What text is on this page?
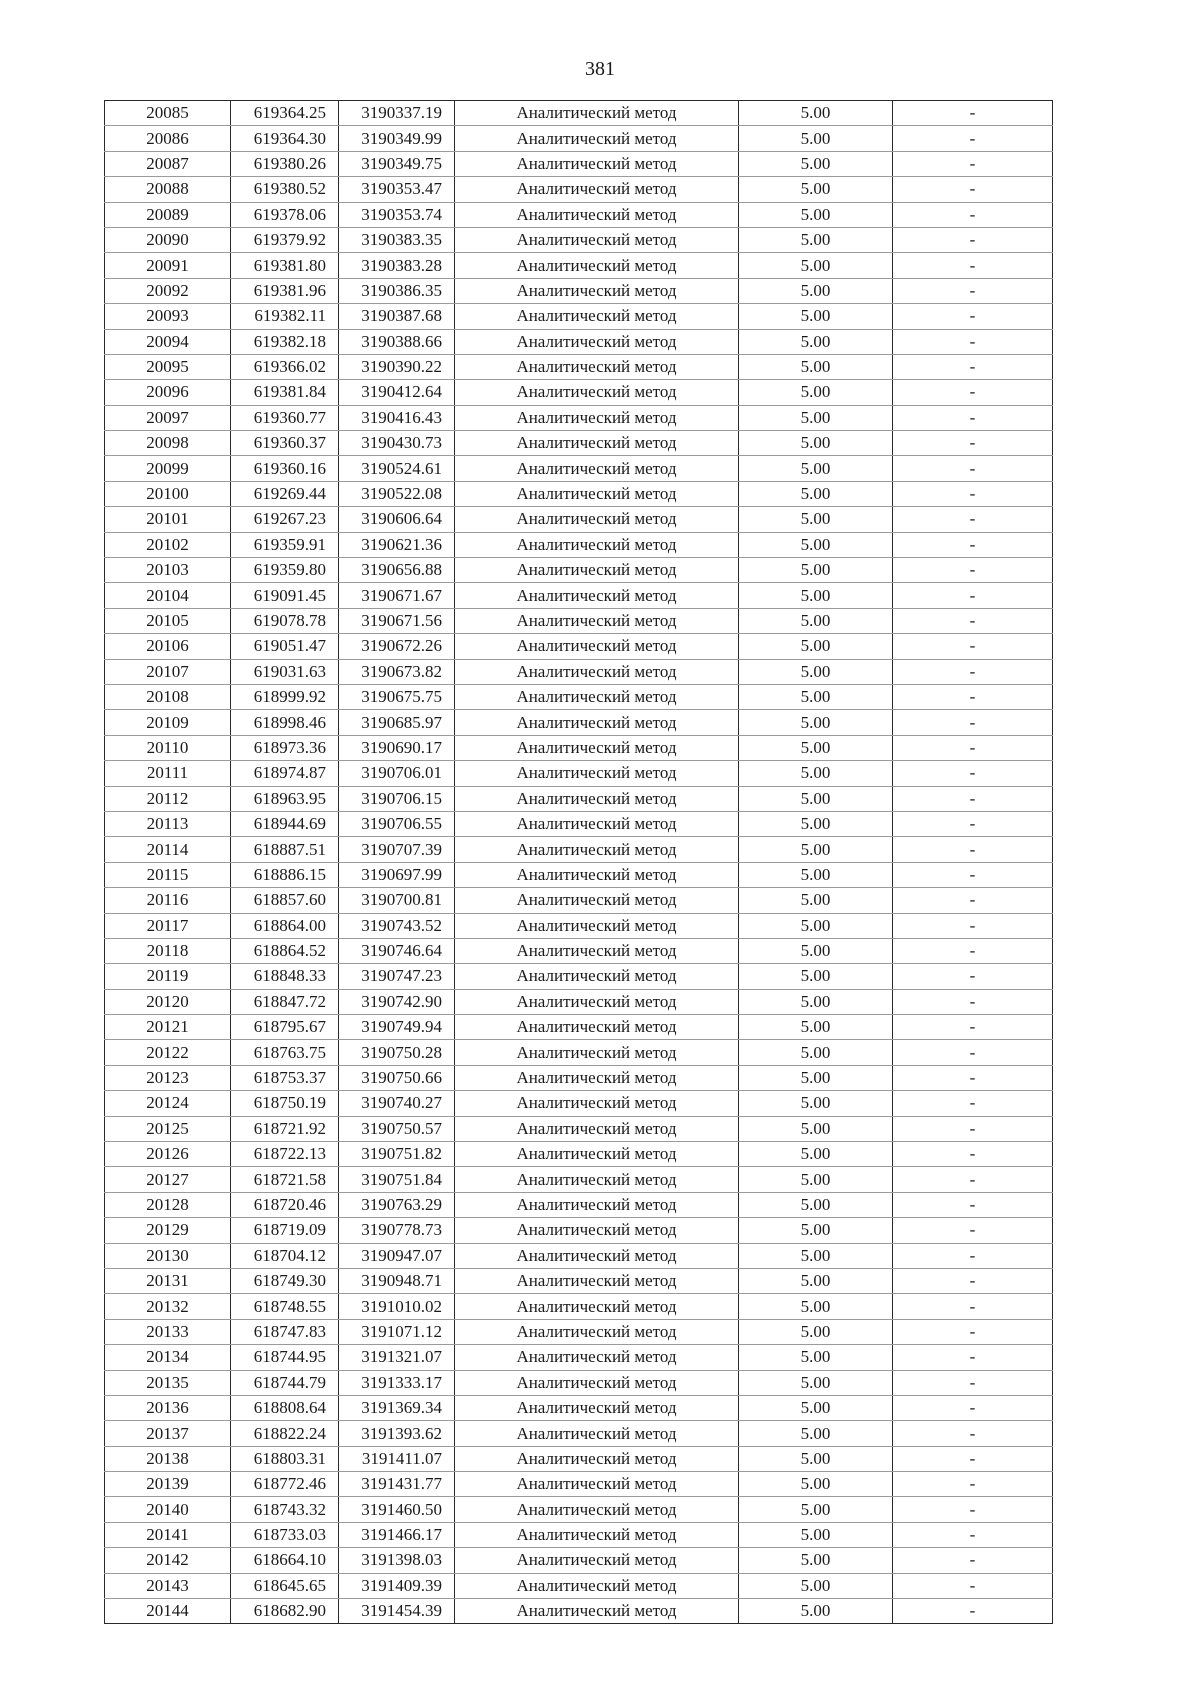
381
20085	619364.25	3190337.19	Аналитический метод	5.00	-
20086	619364.30	3190349.99	Аналитический метод	5.00	-
20087	619380.26	3190349.75	Аналитический метод	5.00	-
20088	619380.52	3190353.47	Аналитический метод	5.00	-
20089	619378.06	3190353.74	Аналитический метод	5.00	-
20090	619379.92	3190383.35	Аналитический метод	5.00	-
20091	619381.80	3190383.28	Аналитический метод	5.00	-
20092	619381.96	3190386.35	Аналитический метод	5.00	-
20093	619382.11	3190387.68	Аналитический метод	5.00	-
20094	619382.18	3190388.66	Аналитический метод	5.00	-
20095	619366.02	3190390.22	Аналитический метод	5.00	-
20096	619381.84	3190412.64	Аналитический метод	5.00	-
20097	619360.77	3190416.43	Аналитический метод	5.00	-
20098	619360.37	3190430.73	Аналитический метод	5.00	-
20099	619360.16	3190524.61	Аналитический метод	5.00	-
20100	619269.44	3190522.08	Аналитический метод	5.00	-
20101	619267.23	3190606.64	Аналитический метод	5.00	-
20102	619359.91	3190621.36	Аналитический метод	5.00	-
20103	619359.80	3190656.88	Аналитический метод	5.00	-
20104	619091.45	3190671.67	Аналитический метод	5.00	-
20105	619078.78	3190671.56	Аналитический метод	5.00	-
20106	619051.47	3190672.26	Аналитический метод	5.00	-
20107	619031.63	3190673.82	Аналитический метод	5.00	-
20108	618999.92	3190675.75	Аналитический метод	5.00	-
20109	618998.46	3190685.97	Аналитический метод	5.00	-
20110	618973.36	3190690.17	Аналитический метод	5.00	-
20111	618974.87	3190706.01	Аналитический метод	5.00	-
20112	618963.95	3190706.15	Аналитический метод	5.00	-
20113	618944.69	3190706.55	Аналитический метод	5.00	-
20114	618887.51	3190707.39	Аналитический метод	5.00	-
20115	618886.15	3190697.99	Аналитический метод	5.00	-
20116	618857.60	3190700.81	Аналитический метод	5.00	-
20117	618864.00	3190743.52	Аналитический метод	5.00	-
20118	618864.52	3190746.64	Аналитический метод	5.00	-
20119	618848.33	3190747.23	Аналитический метод	5.00	-
20120	618847.72	3190742.90	Аналитический метод	5.00	-
20121	618795.67	3190749.94	Аналитический метод	5.00	-
20122	618763.75	3190750.28	Аналитический метод	5.00	-
20123	618753.37	3190750.66	Аналитический метод	5.00	-
20124	618750.19	3190740.27	Аналитический метод	5.00	-
20125	618721.92	3190750.57	Аналитический метод	5.00	-
20126	618722.13	3190751.82	Аналитический метод	5.00	-
20127	618721.58	3190751.84	Аналитический метод	5.00	-
20128	618720.46	3190763.29	Аналитический метод	5.00	-
20129	618719.09	3190778.73	Аналитический метод	5.00	-
20130	618704.12	3190947.07	Аналитический метод	5.00	-
20131	618749.30	3190948.71	Аналитический метод	5.00	-
20132	618748.55	3191010.02	Аналитический метод	5.00	-
20133	618747.83	3191071.12	Аналитический метод	5.00	-
20134	618744.95	3191321.07	Аналитический метод	5.00	-
20135	618744.79	3191333.17	Аналитический метод	5.00	-
20136	618808.64	3191369.34	Аналитический метод	5.00	-
20137	618822.24	3191393.62	Аналитический метод	5.00	-
20138	618803.31	3191411.07	Аналитический метод	5.00	-
20139	618772.46	3191431.77	Аналитический метод	5.00	-
20140	618743.32	3191460.50	Аналитический метод	5.00	-
20141	618733.03	3191466.17	Аналитический метод	5.00	-
20142	618664.10	3191398.03	Аналитический метод	5.00	-
20143	618645.65	3191409.39	Аналитический метод	5.00	-
20144	618682.90	3191454.39	Аналитический метод	5.00	-
